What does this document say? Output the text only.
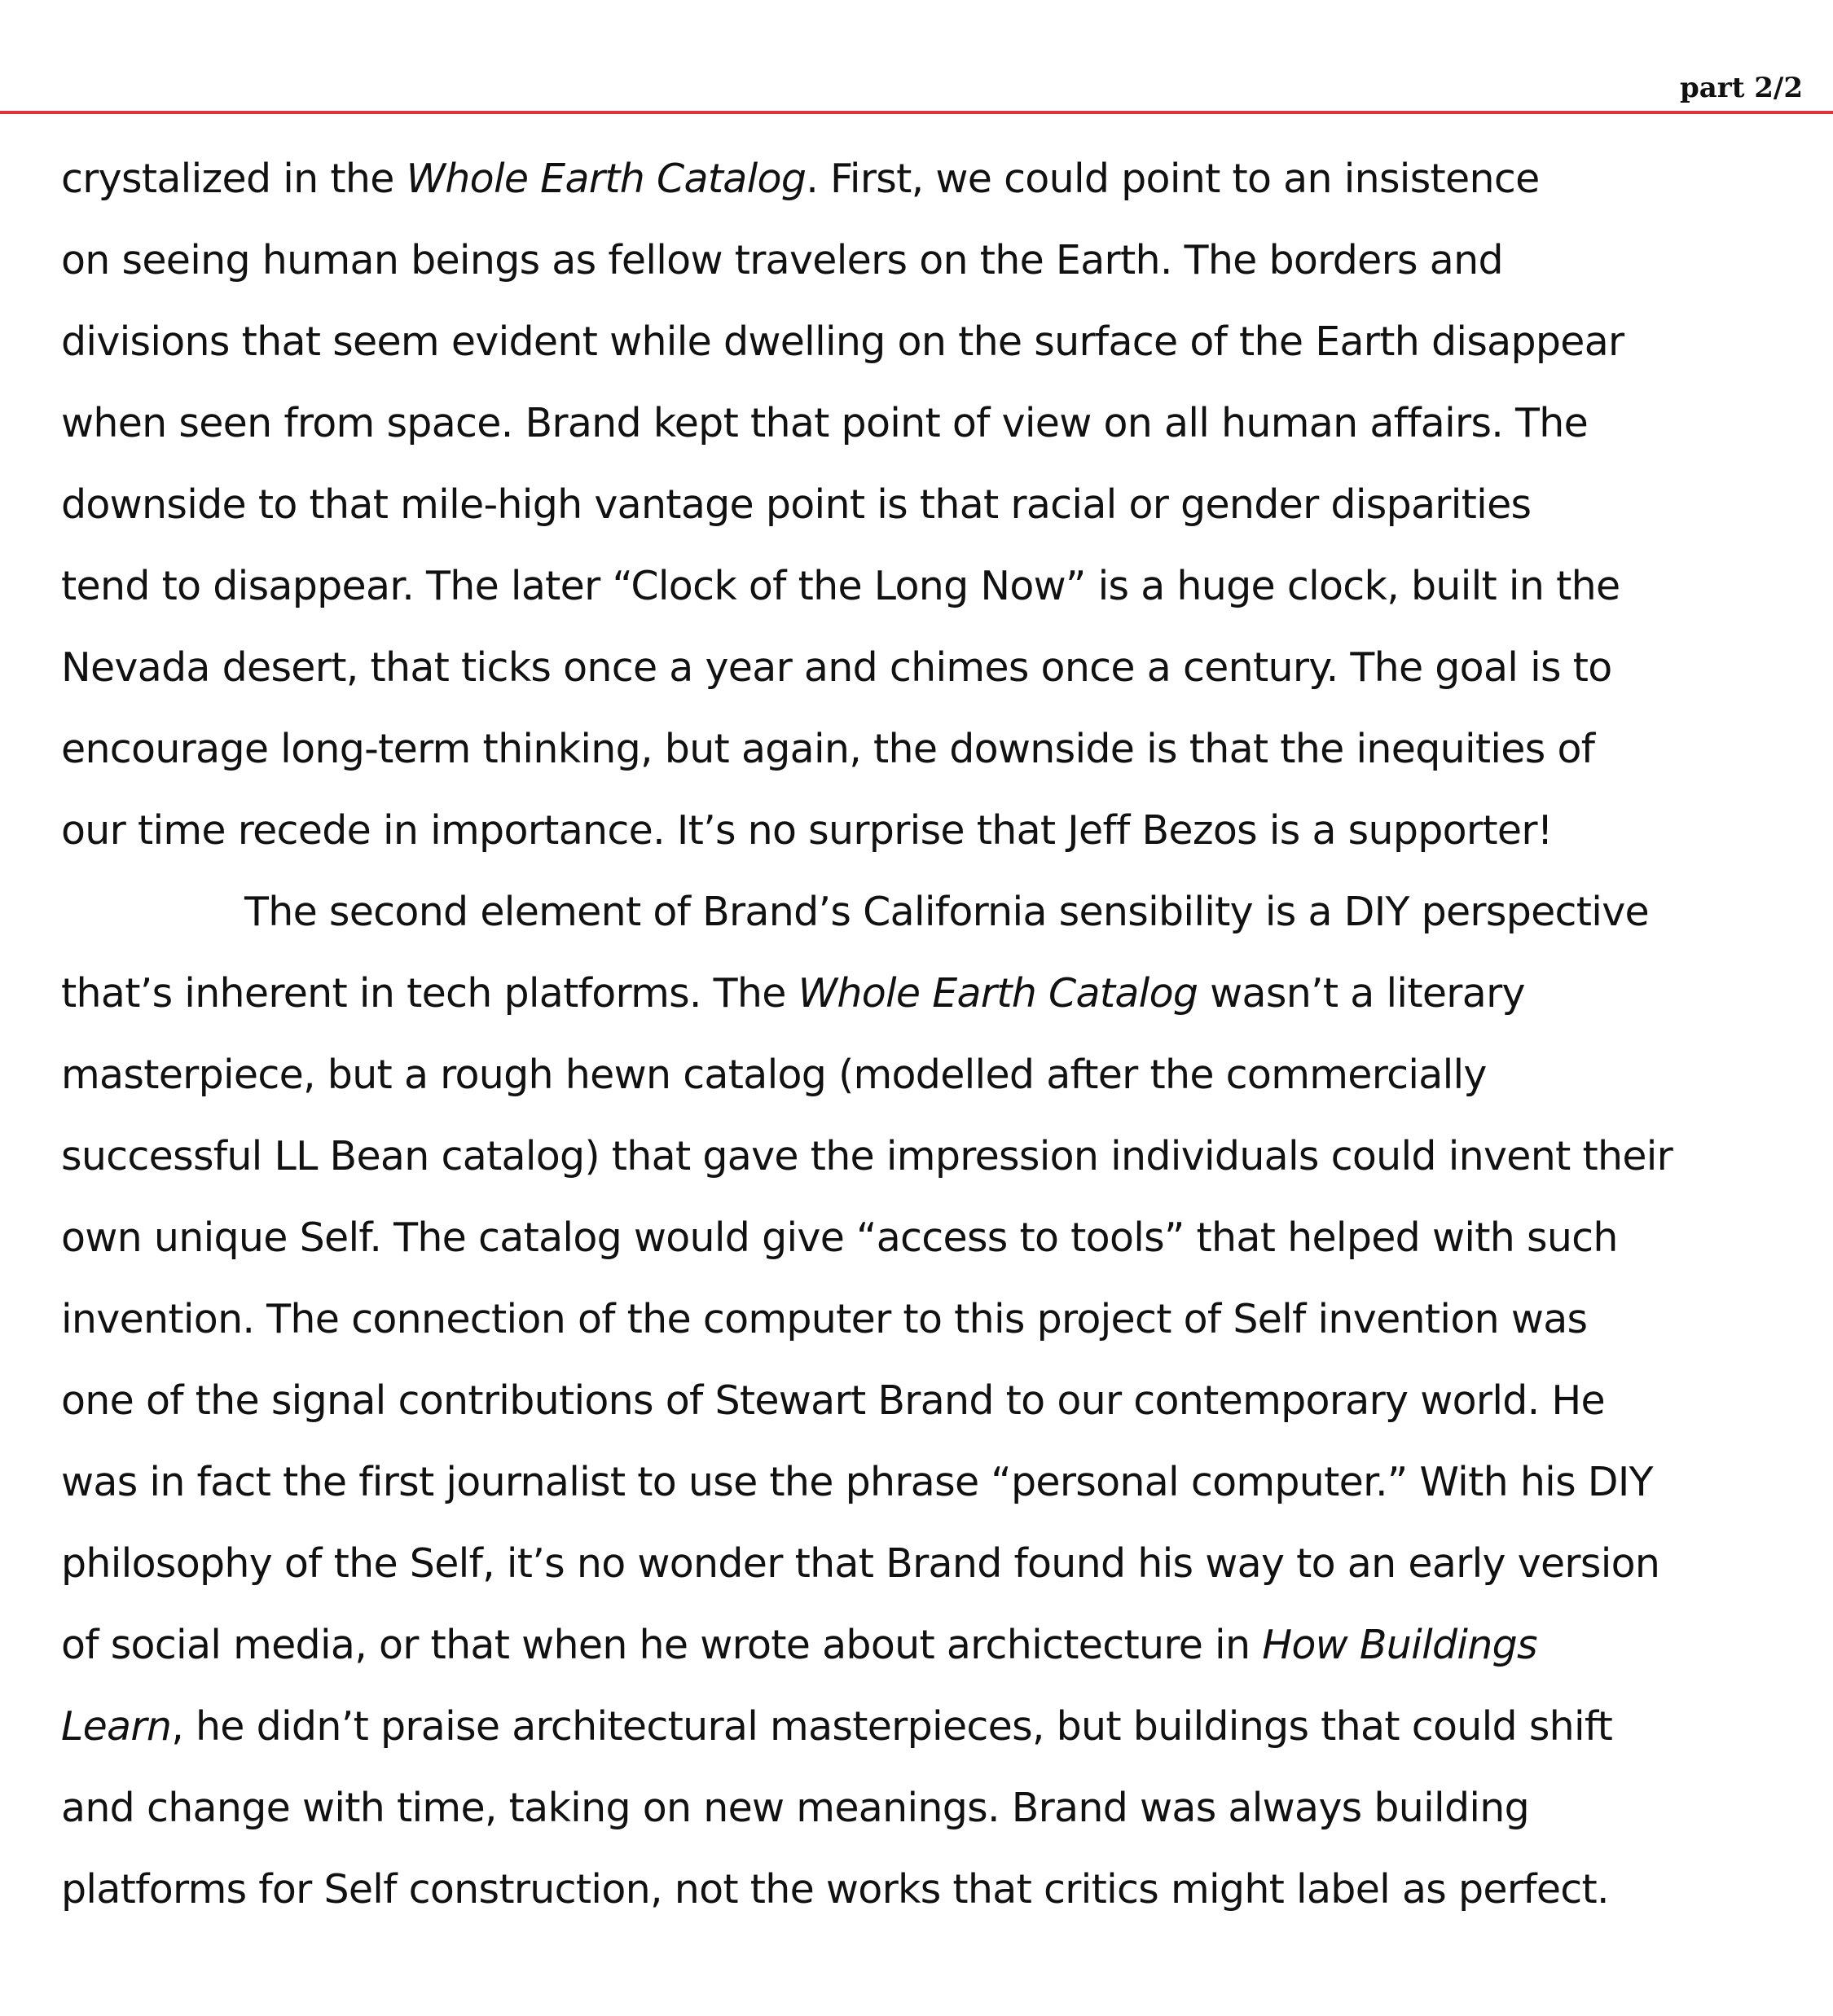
part 2/2
crystalized in the Whole Earth Catalog. First, we could point to an insistence
on seeing human beings as fellow travelers on the Earth. The borders and
divisions that seem evident while dwelling on the surface of the Earth disappear
when seen from space. Brand kept that point of view on all human affairs. The
downside to that mile-high vantage point is that racial or gender disparities
tend to disappear. The later “Clock of the Long Now” is a huge clock, built in the
Nevada desert, that ticks once a year and chimes once a century. The goal is to
encourage long-term thinking, but again, the downside is that the inequities of
our time recede in importance. It’s no surprise that Jeff Bezos is a supporter!
The second element of Brand’s California sensibility is a DIY perspective
that’s inherent in tech platforms. The Whole Earth Catalog wasn’t a literary
masterpiece, but a rough hewn catalog (modelled after the commercially
successful LL Bean catalog) that gave the impression individuals could invent their
own unique Self. The catalog would give “access to tools” that helped with such
invention. The connection of the computer to this project of Self invention was
one of the signal contributions of Stewart Brand to our contemporary world. He
was in fact the first journalist to use the phrase “personal computer.” With his DIY
philosophy of the Self, it’s no wonder that Brand found his way to an early version
of social media, or that when he wrote about archictecture in How Buildings
Learn, he didn’t praise architectural masterpieces, but buildings that could shift
and change with time, taking on new meanings. Brand was always building
platforms for Self construction, not the works that critics might label as perfect.
